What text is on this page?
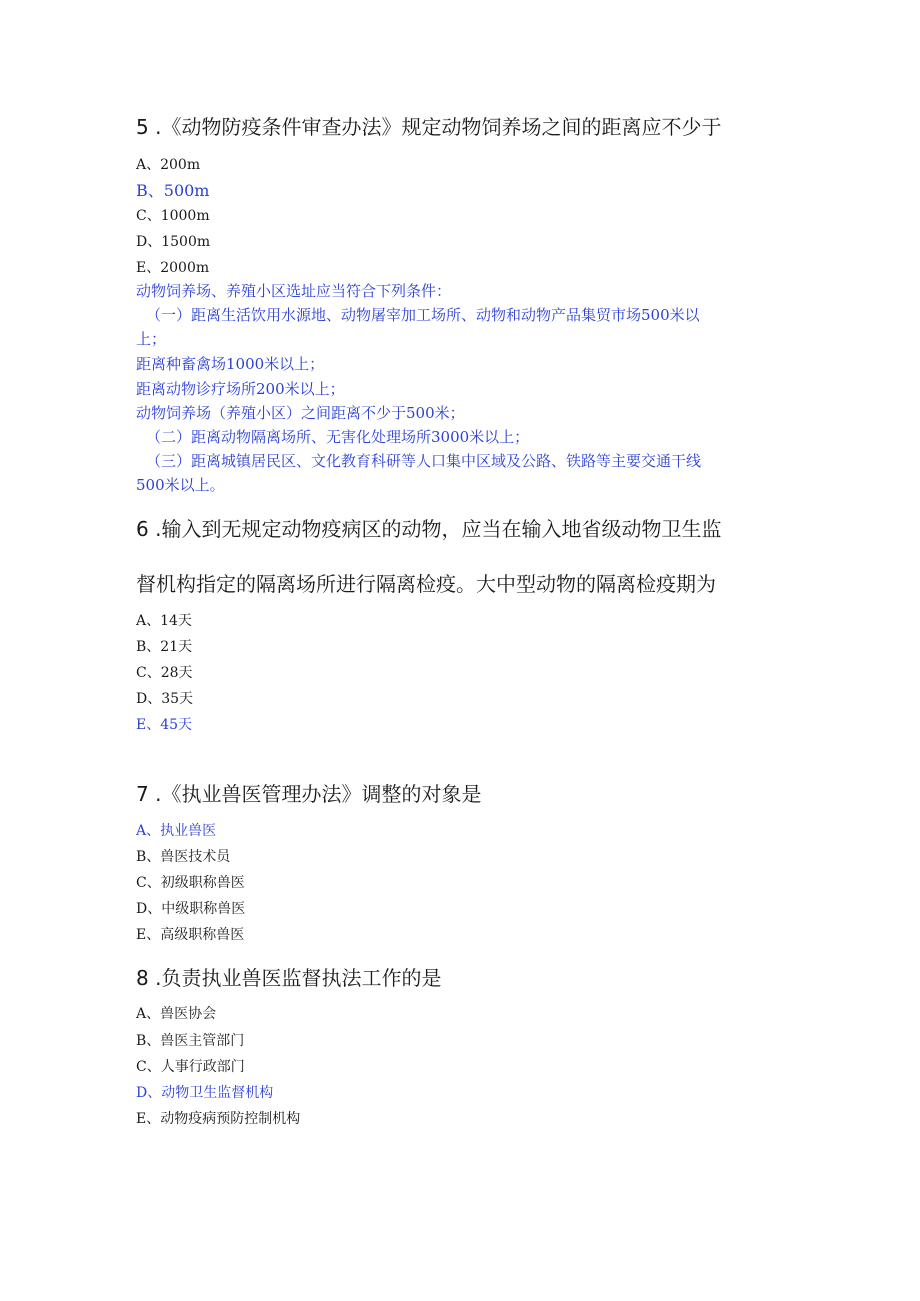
5 .《动物防疫条件审查办法》规定动物饲养场之间的距离应不少于
A、200m
B、500m
C、1000m
D、1500m
E、2000m
动物饲养场、养殖小区选址应当符合下列条件：
（一）距离生活饮用水源地、动物屠宰加工场所、动物和动物产品集贸市场500米以
上；
距离种畜禽场1000米以上；
距离动物诊疗场所200米以上；
动物饲养场（养殖小区）之间距离不少于500米；
（二）距离动物隔离场所、无害化处理场所3000米以上；
（三）距离城镇居民区、文化教育科研等人口集中区域及公路、铁路等主要交通干线
500米以上。
6 .输入到无规定动物疫病区的动物，应当在输入地省级动物卫生监
督机构指定的隔离场所进行隔离检疫。大中型动物的隔离检疫期为
A、14天
B、21天
C、28天
D、35天
E、45天
7 .《执业兽医管理办法》调整的对象是
A、执业兽医
B、兽医技术员
C、初级职称兽医
D、中级职称兽医
E、高级职称兽医
8 .负责执业兽医监督执法工作的是
A、兽医协会
B、兽医主管部门
C、人事行政部门
D、动物卫生监督机构
E、动物疫病预防控制机构
